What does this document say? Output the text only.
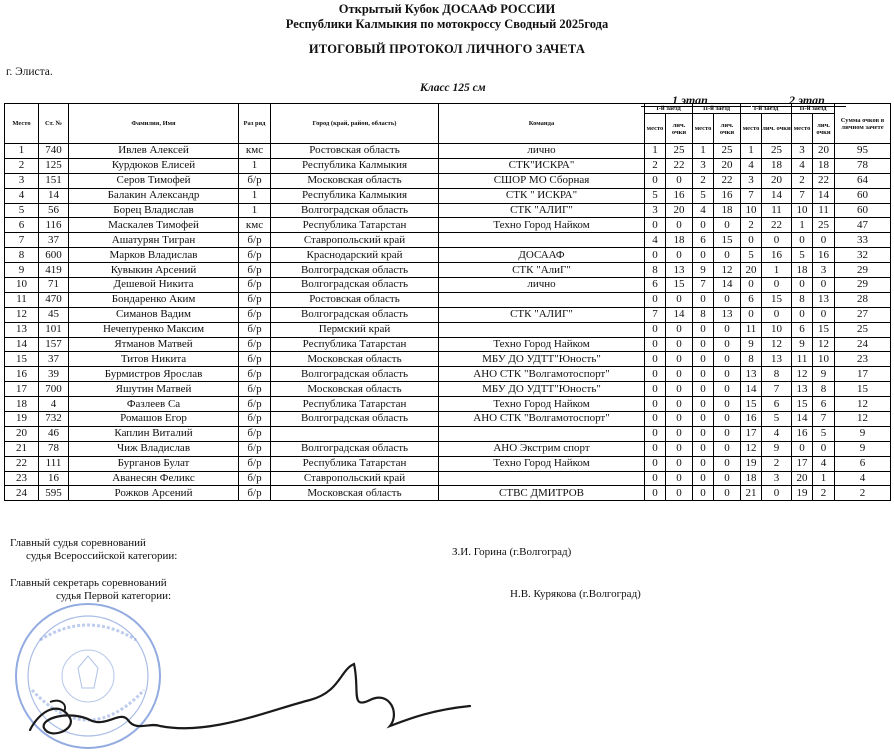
Открытый Кубок ДОСААФ РОССИИ
Республики Калмыкия по мотокроссу Сводный 2025года
ИТОГОВЫЙ ПРОТОКОЛ ЛИЧНОГО ЗАЧЕТА
г. Элиста.
Класс 125 см
1 этап	2 этап
Место	Ст. №	Фамилия, Имя	Раз ряд	Город (край, район, область)	Команда	I-й заезд		II-й заезд		I-й заезд		II-й заезд		Сумма очков в личном зачете
						место	лич. очки	место	лич. очки	место	лич. очки	место	лич. очки	
1	740	Ивлев Алексей	кмс	Ростовская область	лично	1	25	1	25	1	25	3	20	95
2	125	Курдюков Елисей	1	Республика Калмыкия	СТК"ИСКРА"	2	22	3	20	4	18	4	18	78
3	151	Серов Тимофей	б/р	Московская область	СШОР МО Сборная	0	0	2	22	3	20	2	22	64
4	14	Балакин Александр	1	Республика Калмыкия	СТК " ИСКРА"	5	16	5	16	7	14	7	14	60
5	56	Борец Владислав	1	Волгоградская область	СТК "АЛИГ"	3	20	4	18	10	11	10	11	60
6	116	Маскалев Тимофей	кмс	Республика Татарстан	Техно Город Найком	0	0	0	0	2	22	1	25	47
7	37	Ашатурян Тигран	б/р	Ставропольский край		4	18	6	15	0	0	0	0	33
8	600	Марков Владислав	б/р	Краснодарский край	ДОСААФ	0	0	0	0	5	16	5	16	32
9	419	Кувыкин Арсений	б/р	Волгоградская область	СТК "АлиГ"	8	13	9	12	20	1	18	3	29
10	71	Дешевой Никита	б/р	Волгоградская область	лично	6	15	7	14	0	0	0	0	29
11	470	Бондаренко Аким	б/р	Ростовская область		0	0	0	0	6	15	8	13	28
12	45	Симанов Вадим	б/р	Волгоградская область	СТК "АЛИГ"	7	14	8	13	0	0	0	0	27
13	101	Нечепуренко Максим	б/р	Пермский край		0	0	0	0	11	10	6	15	25
14	157	Ятманов Матвей	б/р	Республика Татарстан	Техно Город Найком	0	0	0	0	9	12	9	12	24
15	37	Титов Никита	б/р	Московская область	МБУ ДО УДТТ"Юность"	0	0	0	0	8	13	11	10	23
16	39	Бурмистров Ярослав	б/р	Волгоградская область	АНО СТК "Волгамотоспорт"	0	0	0	0	13	8	12	9	17
17	700	Яшутин Матвей	б/р	Московская область	МБУ ДО УДТТ"Юность"	0	0	0	0	14	7	13	8	15
18	4	Фазлеев Са	б/р	Республика Татарстан	Техно Город Найком	0	0	0	0	15	6	15	6	12
19	732	Ромашов Егор	б/р	Волгоградская область	АНО СТК "Волгамотоспорт"	0	0	0	0	16	5	14	7	12
20	46	Каплин Виталий	б/р			0	0	0	0	17	4	16	5	9
21	78	Чиж Владислав	б/р	Волгоградская область	АНО Экстрим спорт	0	0	0	0	12	9	0	0	9
22	111	Бурганов Булат	б/р	Республика Татарстан	Техно Город Найком	0	0	0	0	19	2	17	4	6
23	16	Аванесян Феликс	б/р	Ставропольский край		0	0	0	0	18	3	20	1	4
24	595	Рожков Арсений	б/р	Московская область	СТВС ДМИТРОВ	0	0	0	0	21	0	19	2	2
Главный судья соревнований
судья Всероссийской категории:	З.И. Горина (г.Волгоград)
Главный секретарь соревнований
судья Первой категории:	Н.В. Курякова (г.Волгоград)
